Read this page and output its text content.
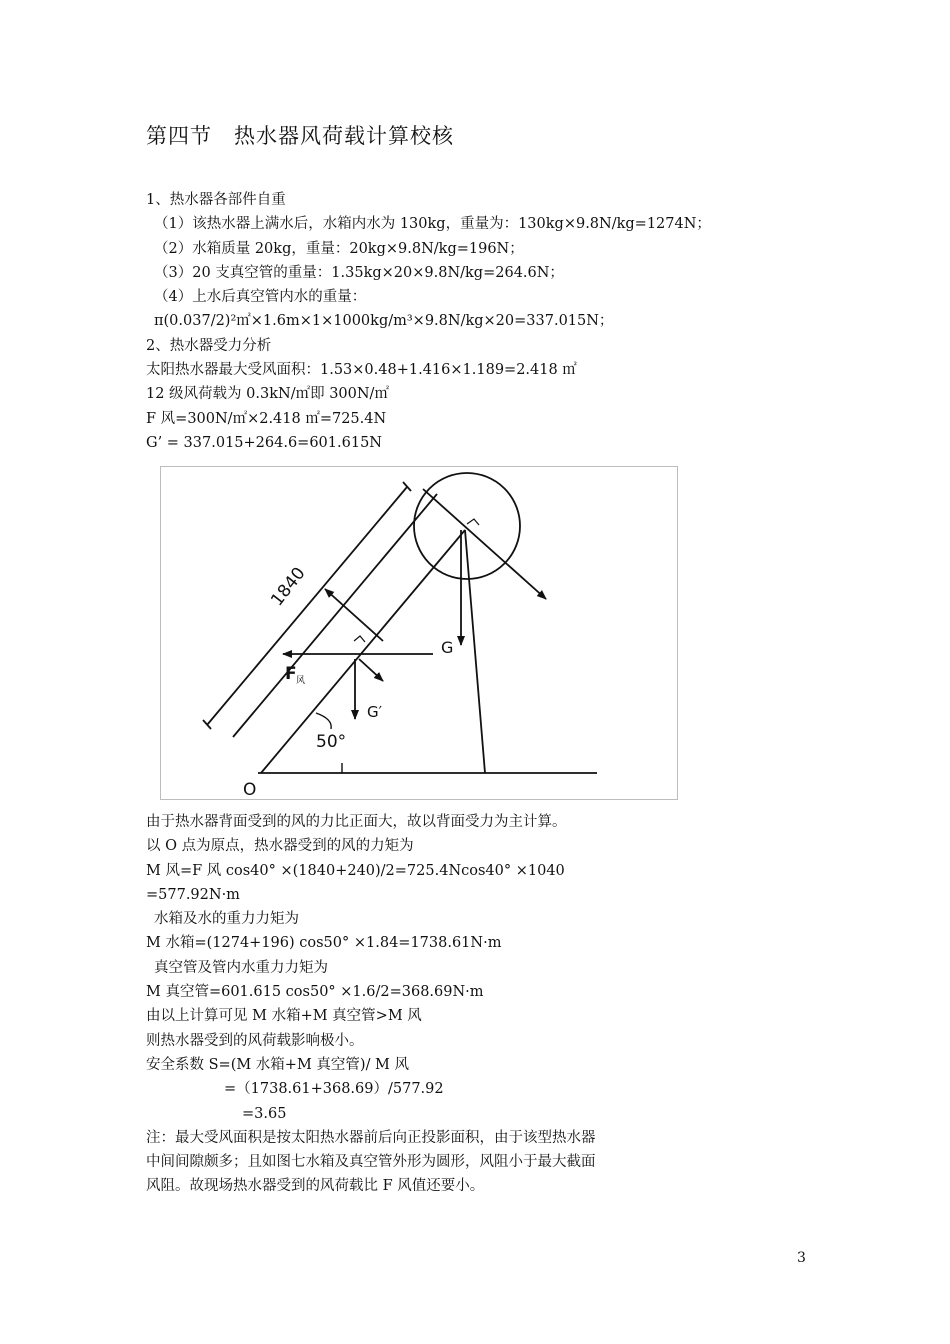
第四节　热水器风荷载计算校核
1、热水器各部件自重
（1）该热水器上满水后，水箱内水为 130kg，重量为：130kg×9.8N/kg=1274N；
（2）水箱质量 20kg，重量：20kg×9.8N/kg=196N；
（3）20 支真空管的重量：1.35kg×20×9.8N/kg=264.6N；
（4）上水后真空管内水的重量：
π(0.037/2)²㎡×1.6m×1×1000kg/m³×9.8N/kg×20=337.015N；
2、热水器受力分析
太阳热水器最大受风面积：1.53×0.48+1.416×1.189=2.418 ㎡
12 级风荷载为 0.3kN/㎡即 300N/㎡
F 风=300N/㎡×2.418 ㎡=725.4N
G’ = 337.015+264.6=601.615N
1840
50°
O
G
G′
F 风
由于热水器背面受到的风的力比正面大，故以背面受力为主计算。
以 O 点为原点，热水器受到的风的力矩为
M 风=F 风 cos40° ×(1840+240)/2=725.4Ncos40° ×1040
=577.92N·m
水箱及水的重力力矩为
M 水箱=(1274+196) cos50° ×1.84=1738.61N·m
真空管及管内水重力力矩为
M 真空管=601.615 cos50° ×1.6/2=368.69N·m
由以上计算可见 M 水箱+M 真空管>M 风
则热水器受到的风荷载影响极小。
安全系数 S=(M 水箱+M 真空管)/ M 风
=（1738.61+368.69）/577.92
=3.65
注：最大受风面积是按太阳热水器前后向正投影面积，由于该型热水器
中间间隙颇多；且如图七水箱及真空管外形为圆形，风阻小于最大截面
风阻。故现场热水器受到的风荷载比 F 风值还要小。
3
